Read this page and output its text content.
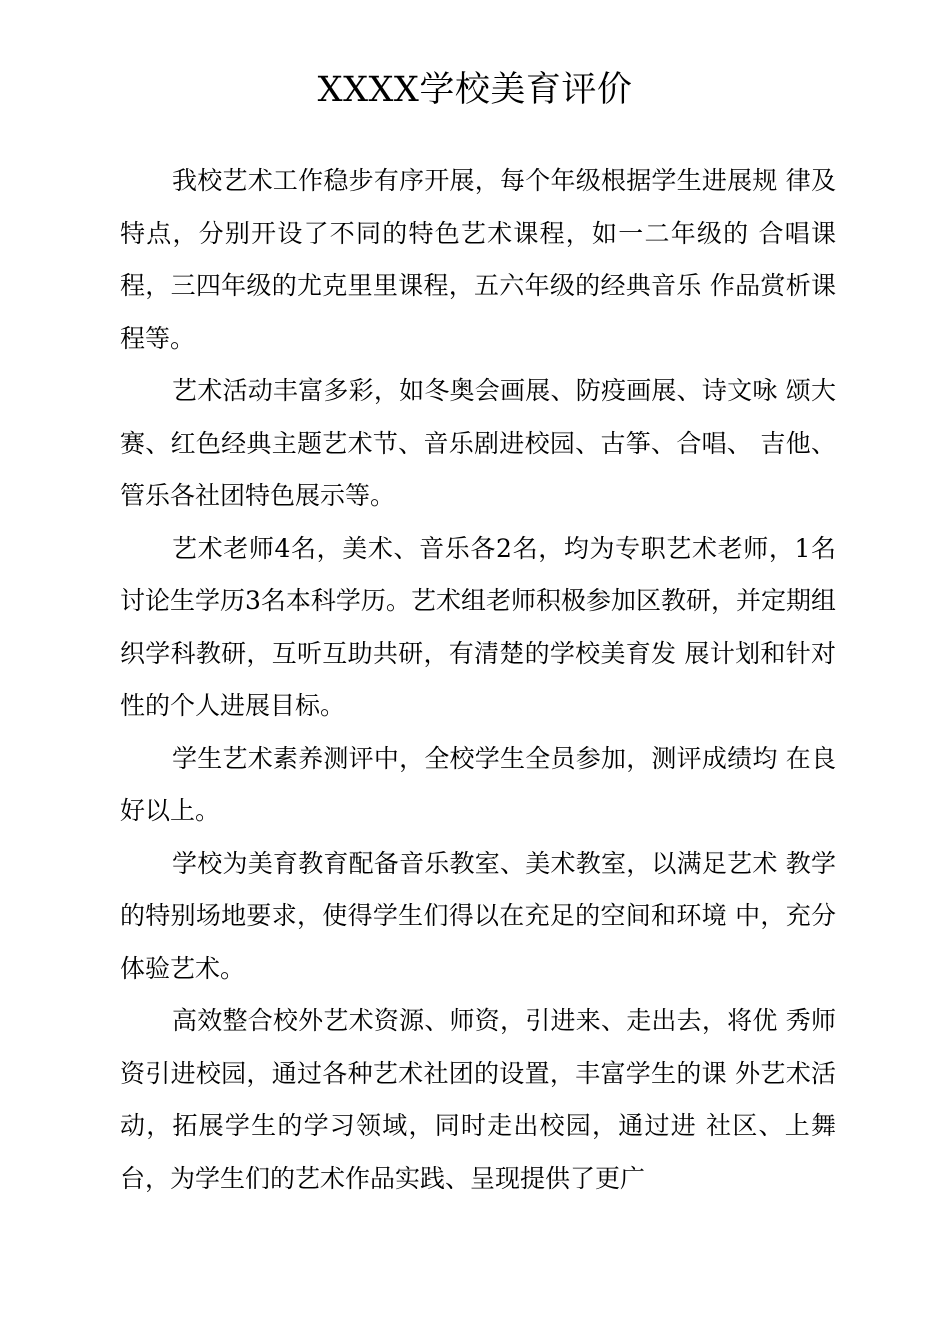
XXXX学校美育评价

我校艺术工作稳步有序开展，每个年级根据学生进展规 律及特点，分别开设了不同的特色艺术课程，如一二年级的 合唱课程，三四年级的尤克里里课程，五六年级的经典音乐 作品赏析课程等。

艺术活动丰富多彩，如冬奥会画展、防疫画展、诗文咏 颂大赛、红色经典主题艺术节、音乐剧进校园、古筝、合唱、 吉他、管乐各社团特色展示等。

艺术老师4名，美术、音乐各2名，均为专职艺术老师，1名讨论生学历3名本科学历。艺术组老师积极参加区教研，并定期组织学科教研，互听互助共研，有清楚的学校美育发 展计划和针对性的个人进展目标。

学生艺术素养测评中，全校学生全员参加，测评成绩均 在良好以上。

学校为美育教育配备音乐教室、美术教室，以满足艺术 教学的特别场地要求，使得学生们得以在充足的空间和环境 中，充分体验艺术。

高效整合校外艺术资源、师资，引进来、走出去，将优 秀师资引进校园，通过各种艺术社团的设置，丰富学生的课 外艺术活动，拓展学生的学习领域，同时走出校园，通过进 社区、上舞台，为学生们的艺术作品实践、呈现提供了更广
